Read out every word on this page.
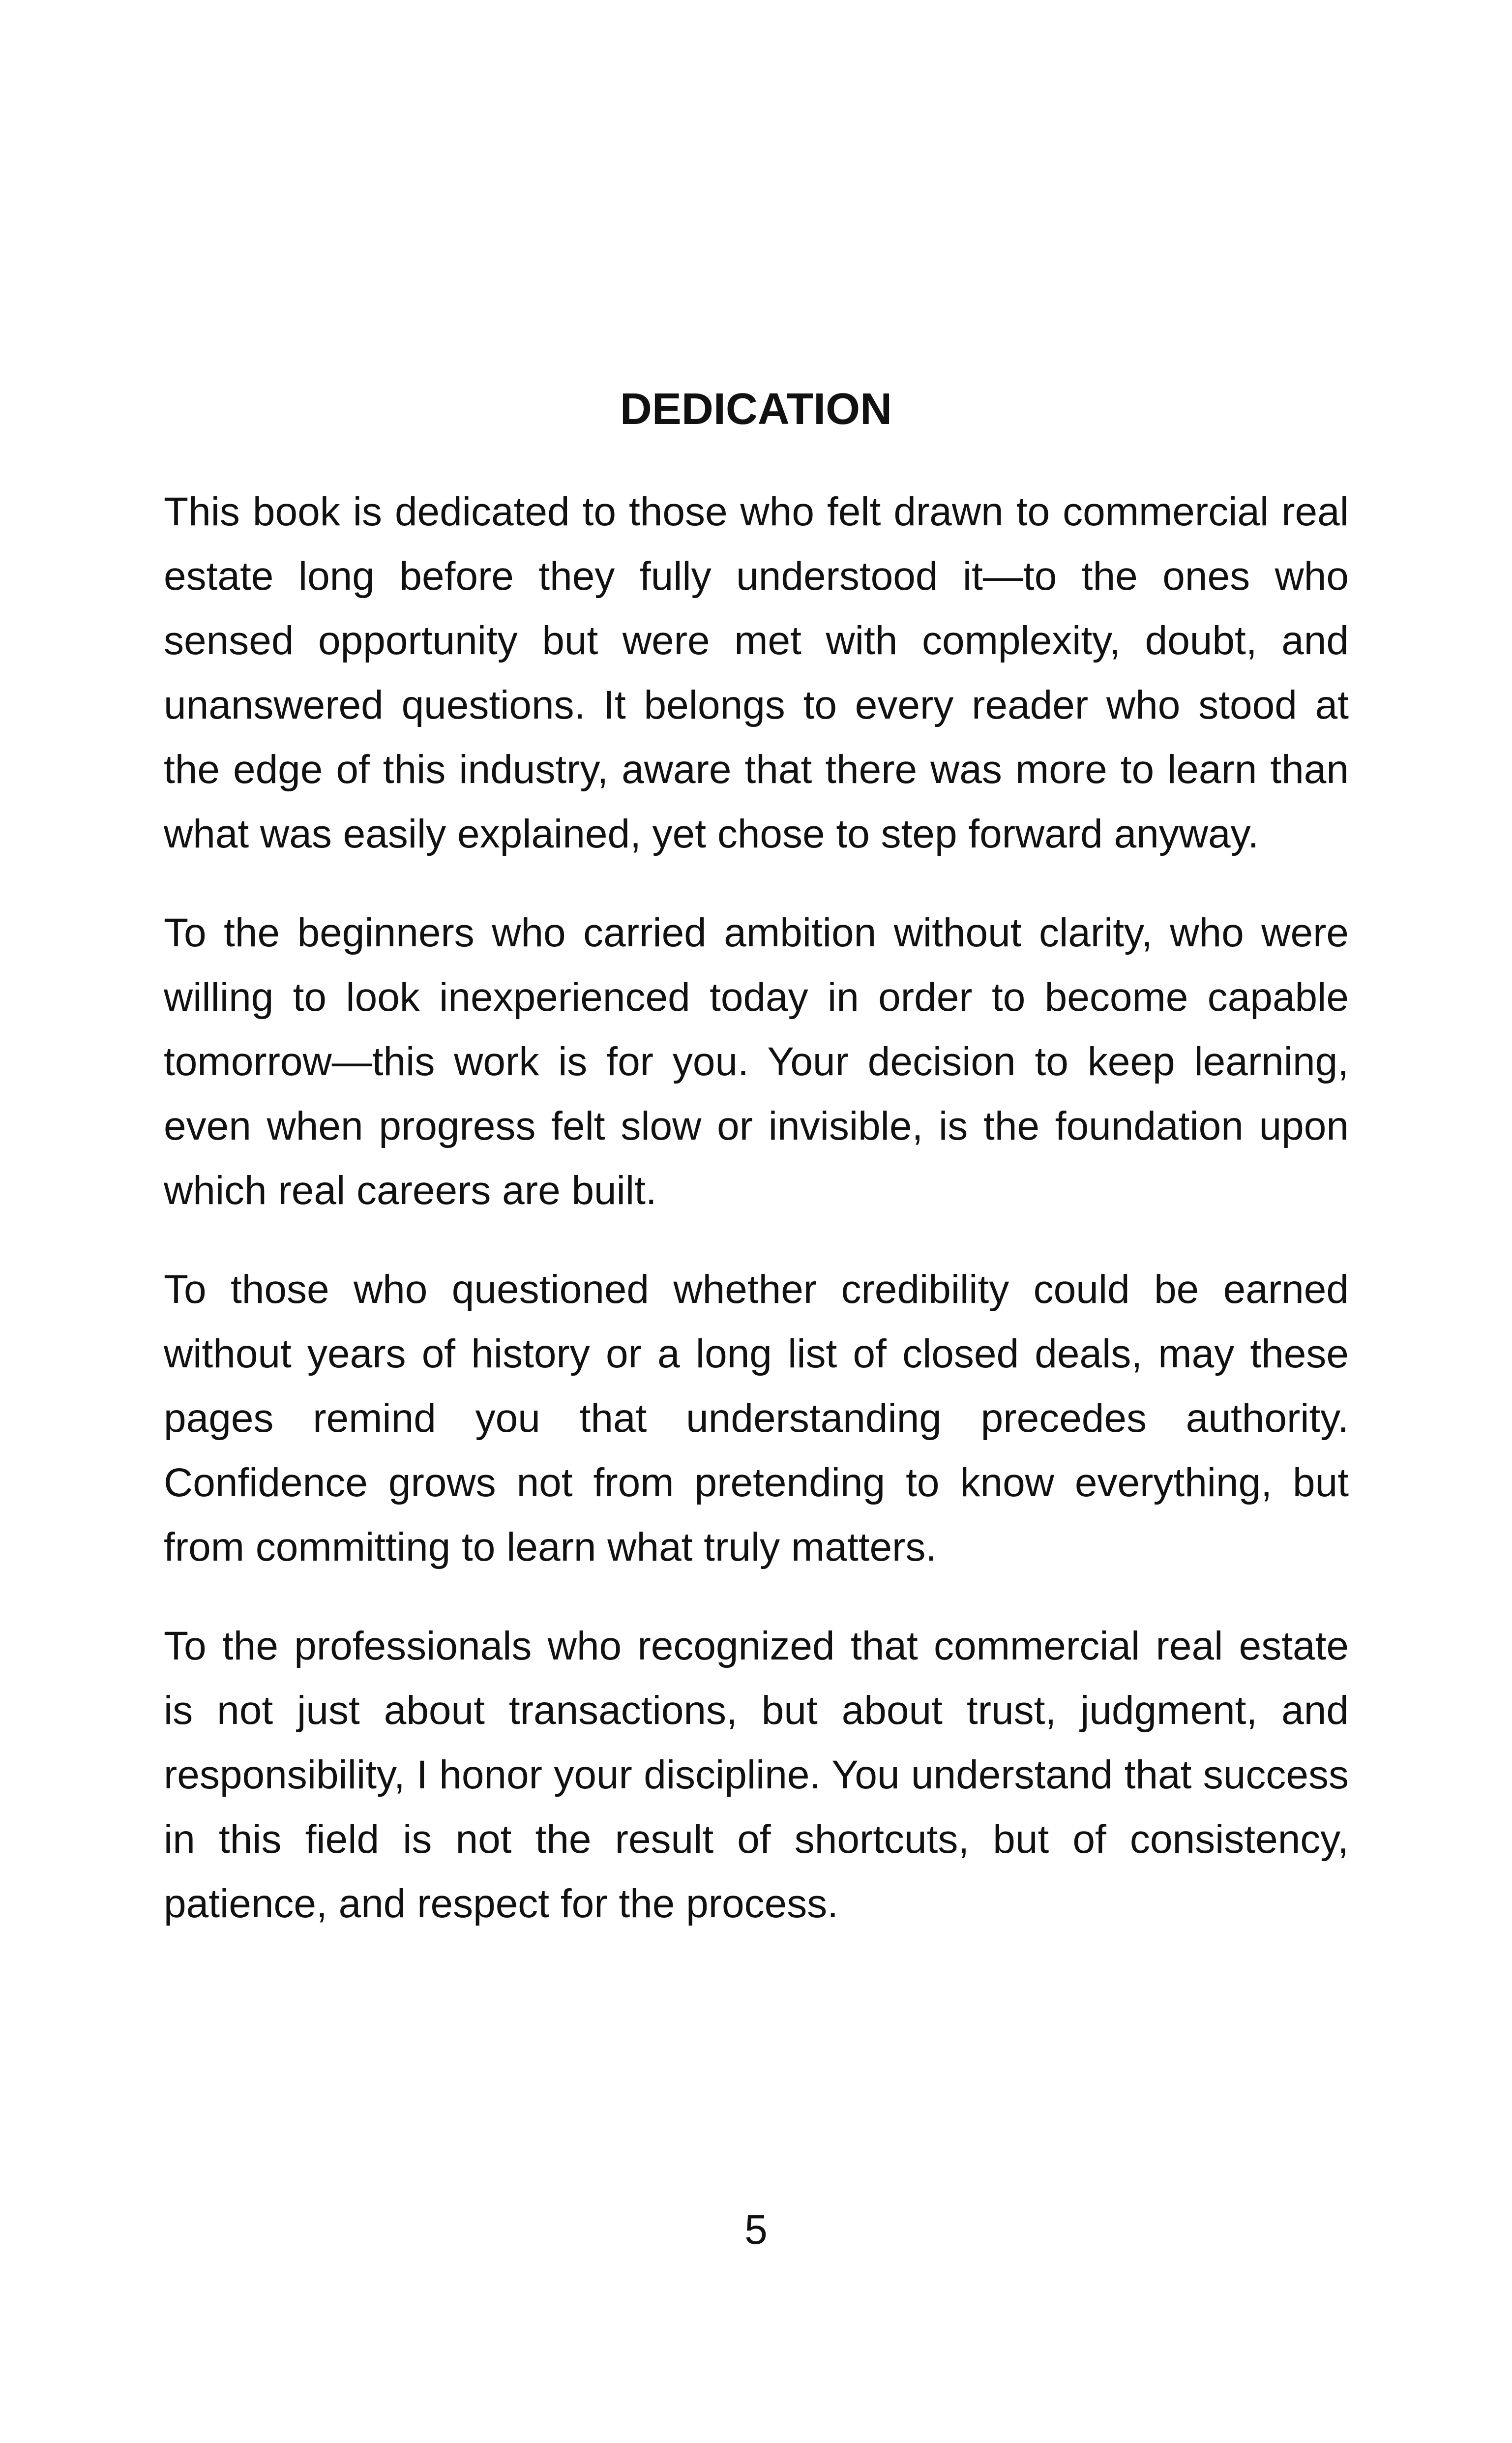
DEDICATION

This book is dedicated to those who felt drawn to commercial real estate long before they fully understood it—to the ones who sensed opportunity but were met with complexity, doubt, and unanswered questions. It belongs to every reader who stood at the edge of this industry, aware that there was more to learn than what was easily explained, yet chose to step forward anyway.

To the beginners who carried ambition without clarity, who were willing to look inexperienced today in order to become capable tomorrow—this work is for you. Your decision to keep learning, even when progress felt slow or invisible, is the foundation upon which real careers are built.

To those who questioned whether credibility could be earned without years of history or a long list of closed deals, may these pages remind you that understanding precedes authority. Confidence grows not from pretending to know everything, but from committing to learn what truly matters.

To the professionals who recognized that commercial real estate is not just about transactions, but about trust, judgment, and responsibility, I honor your discipline. You understand that success in this field is not the result of shortcuts, but of consistency, patience, and respect for the process.

5
